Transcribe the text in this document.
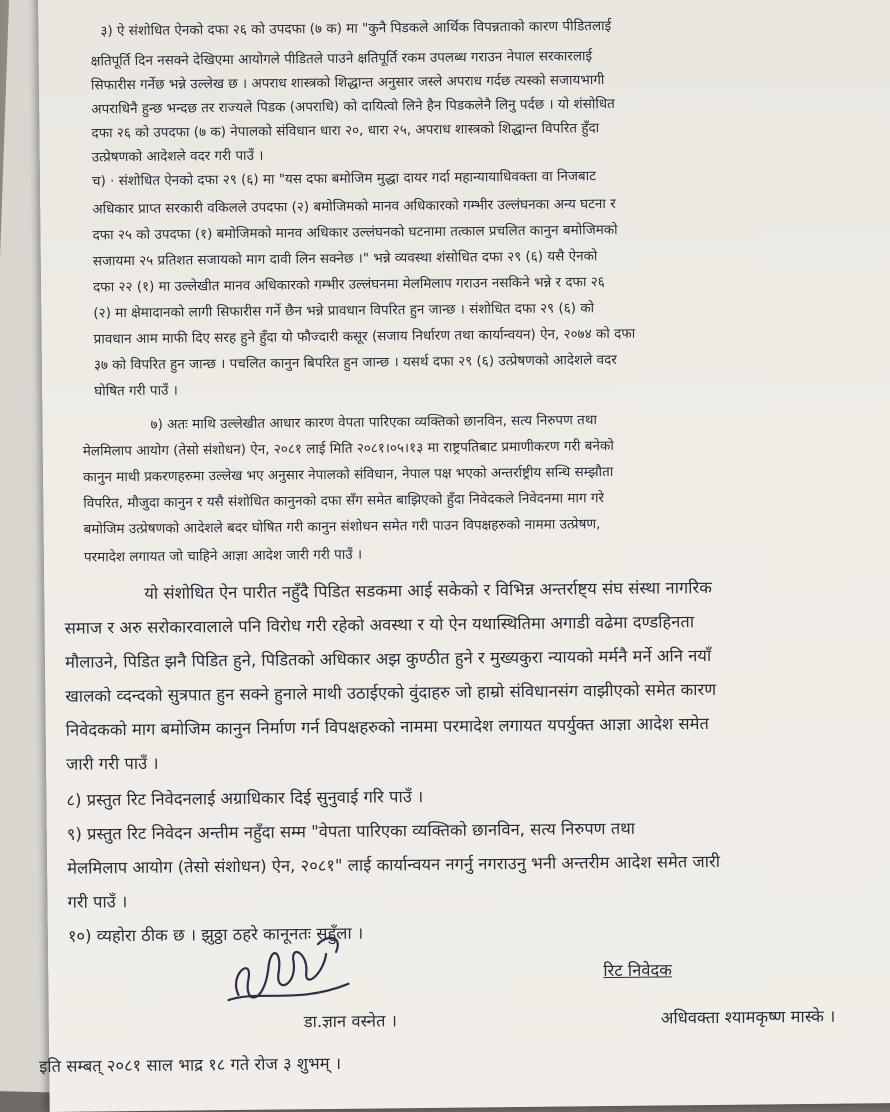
३) ऐ संशोधित ऐनको दफा २६ को उपदफा (७ क) मा "कुनै पिडकले आर्थिक विपन्नताको कारण पीडितलाई
क्षतिपूर्ति दिन नसक्ने देखिएमा आयोगले पीडितले पाउने क्षतिपूर्ति रकम उपलब्ध गराउन नेपाल सरकारलाई
सिफारीस गर्नेछ भन्ने उल्लेख छ । अपराध शास्त्रको शिद्धान्त अनुसार जस्ले अपराध गर्दछ त्यस्को सजायभागी
अपराधिनै हुन्छ भन्दछ तर राज्यले पिडक (अपराधि) को दायित्वो लिने हैन पिडकलेनै लिनु पर्दछ । यो शंसोधित
दफा २६ को उपदफा (७ क) नेपालको संविधान धारा २०, धारा २५, अपराध शास्त्रको शिद्धान्त विपरित हुँदा
उत्प्रेषणको आदेशले वदर गरी पाउँ ।
च) · संशोधित ऐनको दफा २९ (६) मा "यस दफा बमोजिम मुद्धा दायर गर्दा महान्यायाधिवक्ता वा निजबाट
अधिकार प्राप्त सरकारी वकिलले उपदफा (२) बमोजिमको मानव अधिकारको गम्भीर उल्लंघनका अन्य घटना र
दफा २५ को उपदफा (१) बमोजिमको मानव अधिकार उल्लंघनको घटनामा तत्काल प्रचलित कानुन बमोजिमको
सजायमा २५ प्रतिशत सजायको माग दावी लिन सक्नेछ ।" भन्ने व्यवस्था शंसोधित दफा २९ (६) यसै ऐनको
दफा २२ (१) मा उल्लेखीत मानव अधिकारको गम्भीर उल्लंघनमा मेलमिलाप गराउन नसकिने भन्ने र दफा २६
(२) मा क्षेमादानको लागी सिफारीस गर्ने छैन भन्ने प्रावधान विपरित हुन जान्छ । संशोधित दफा २९ (६) को
प्रावधान आम माफी दिए सरह हुने हुँदा यो फौज्दारी कसूर (सजाय निर्धारण तथा कार्यान्वयन) ऐन, २०७४ को दफा
३७ को विपरित हुन जान्छ । पचलित कानुन बिपरित हुन जान्छ । यसर्थ दफा २९ (६) उत्प्रेषणको आदेशले वदर
घोषित गरी पाउँ ।
७) अतः माथि उल्लेखीत आधार कारण वेपता पारिएका व्यक्तिको छानविन, सत्य निरुपण तथा
मेलमिलाप आयोग (तेसो संशोधन) ऐन, २०८१ लाई मिति २०८१।०५।१३ मा राष्ट्रपतिबाट प्रमाणीकरण गरी बनेको
कानुन माथी प्रकरणहरुमा उल्लेख भए अनुसार नेपालको संविधान, नेपाल पक्ष भएको अन्तर्राष्ट्रीय सन्धि सम्झौता
विपरित, मौजुदा कानुन र यसै संशोधित कानुनको दफा सँग समेत बाझिएको हुँदा निवेदकले निवेदनमा माग गरे
बमोजिम उत्प्रेषणको आदेशले बदर घोषित गरी कानुन संशोधन समेत गरी पाउन विपक्षहरुको नाममा उत्प्रेषण,
परमादेश लगायत जो चाहिने आज्ञा आदेश जारी गरी पाउँ ।
यो संशोधित ऐन पारीत नहुँदै पिडित सडकमा आई सकेको र विभिन्न अन्तर्राष्ट्य संघ संस्था नागरिक
समाज र अरु सरोकारवालाले पनि विरोध गरी रहेको अवस्था र यो ऐन यथास्थितिमा अगाडी वढेमा दण्डहिनता
मौलाउने, पिडित झनै पिडित हुने, पिडितको अधिकार अझ कुण्ठीत हुने र मुख्यकुरा न्यायको मर्मनै मर्ने अनि नयाँ
खालको व्दन्दको सुत्रपात हुन सक्ने हुनाले माथी उठाईएको वुंदाहरु जो हाम्रो संविधानसंग वाझीएको समेत कारण
निवेदकको माग बमोजिम कानुन निर्माण गर्न विपक्षहरुको नाममा परमादेश लगायत यपर्युक्त आज्ञा आदेश समेत
जारी गरी पाउँ ।
८) प्रस्तुत रिट निवेदनलाई अग्राधिकार दिई सुनुवाई गरि पाउँ ।
९) प्रस्तुत रिट निवेदन अन्तीम नहुँदा सम्म "वेपता पारिएका व्यक्तिको छानविन, सत्य निरुपण तथा
मेलमिलाप आयोग (तेसो संशोधन) ऐन, २०८१" लाई कार्यान्वयन नगर्नु नगराउनु भनी अन्तरीम आदेश समेत जारी
गरी पाउँ ।
१०) व्यहोरा ठीक छ । झुठ्ठा ठहरे कानूनतः सहुँला ।
रिट निवेदक
अधिवक्ता श्यामकृष्ण मास्के ।
डा.ज्ञान वस्नेत ।
इति सम्बत् २०८१ साल भाद्र १८ गते रोज ३ शुभम् ।
